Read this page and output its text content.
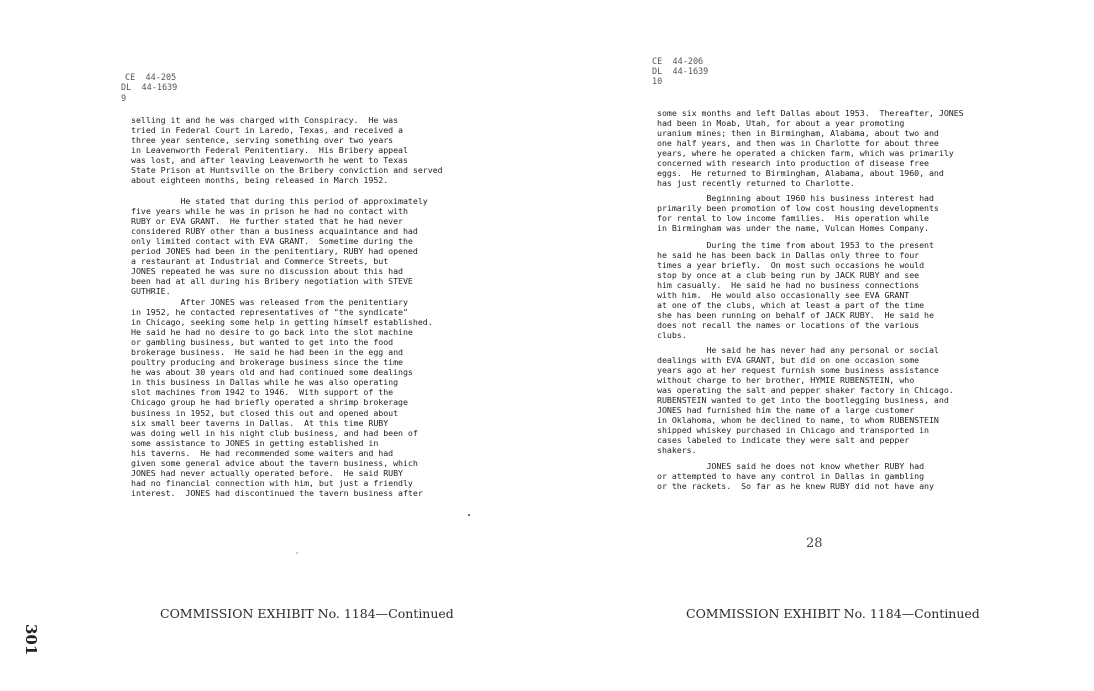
CE  44-205
DL  44-1639
9
selling it and he was charged with Conspiracy.  He was
tried in Federal Court in Laredo, Texas, and received a
three year sentence, serving something over two years
in Leavenworth Federal Penitentiary.  His Bribery appeal
was lost, and after leaving Leavenworth he went to Texas
State Prison at Huntsville on the Bribery conviction and served
about eighteen months, being released in March 1952.
He stated that during this period of approximately
five years while he was in prison he had no contact with
RUBY or EVA GRANT.  He further stated that he had never
considered RUBY other than a business acquaintance and had
only limited contact with EVA GRANT.  Sometime during the
period JONES had been in the penitentiary, RUBY had opened
a restaurant at Industrial and Commerce Streets, but
JONES repeated he was sure no discussion about this had
been had at all during his Bribery negotiation with STEVE
GUTHRIE.
After JONES was released from the penitentiary
in 1952, he contacted representatives of "the syndicate"
in Chicago, seeking some help in getting himself established.
He said he had no desire to go back into the slot machine
or gambling business, but wanted to get into the food
brokerage business.  He said he had been in the egg and
poultry producing and brokerage business since the time
he was about 30 years old and had continued some dealings
in this business in Dallas while he was also operating
slot machines from 1942 to 1946.  With support of the
Chicago group he had briefly operated a shrimp brokerage
business in 1952, but closed this out and opened about
six small beer taverns in Dallas.  At this time RUBY
was doing well in his night club business, and had been of
some assistance to JONES in getting established in
his taverns.  He had recommended some waiters and had
given some general advice about the tavern business, which
JONES had never actually operated before.  He said RUBY
had no financial connection with him, but just a friendly
interest.  JONES had discontinued the tavern business after
COMMISSION EXHIBIT No. 1184—Continued
301
CE  44-206
DL  44-1639
10
some six months and left Dallas about 1953.  Thereafter, JONES
had been in Moab, Utah, for about a year promoting
uranium mines; then in Birmingham, Alabama, about two and
one half years, and then was in Charlotte for about three
years, where he operated a chicken farm, which was primarily
concerned with research into production of disease free
eggs.  He returned to Birmingham, Alabama, about 1960, and
has just recently returned to Charlotte.
Beginning about 1960 his business interest had
primarily been promotion of low cost housing developments
for rental to low income families.  His operation while
in Birmingham was under the name, Vulcan Homes Company.
During the time from about 1953 to the present
he said he has been back in Dallas only three to four
times a year briefly.  On most such occasions he would
stop by once at a club being run by JACK RUBY and see
him casually.  He said he had no business connections
with him.  He would also occasionally see EVA GRANT
at one of the clubs, which at least a part of the time
she has been running on behalf of JACK RUBY.  He said he
does not recall the names or locations of the various
clubs.
He said he has never had any personal or social
dealings with EVA GRANT, but did on one occasion some
years ago at her request furnish some business assistance
without charge to her brother, HYMIE RUBENSTEIN, who
was operating the salt and pepper shaker factory in Chicago.
RUBENSTEIN wanted to get into the bootlegging business, and
JONES had furnished him the name of a large customer
in Oklahoma, whom he declined to name, to whom RUBENSTEIN
shipped whiskey purchased in Chicago and transported in
cases labeled to indicate they were salt and pepper
shakers.
JONES said he does not know whether RUBY had
or attempted to have any control in Dallas in gambling
or the rackets.  So far as he knew RUBY did not have any
28
COMMISSION EXHIBIT No. 1184—Continued
